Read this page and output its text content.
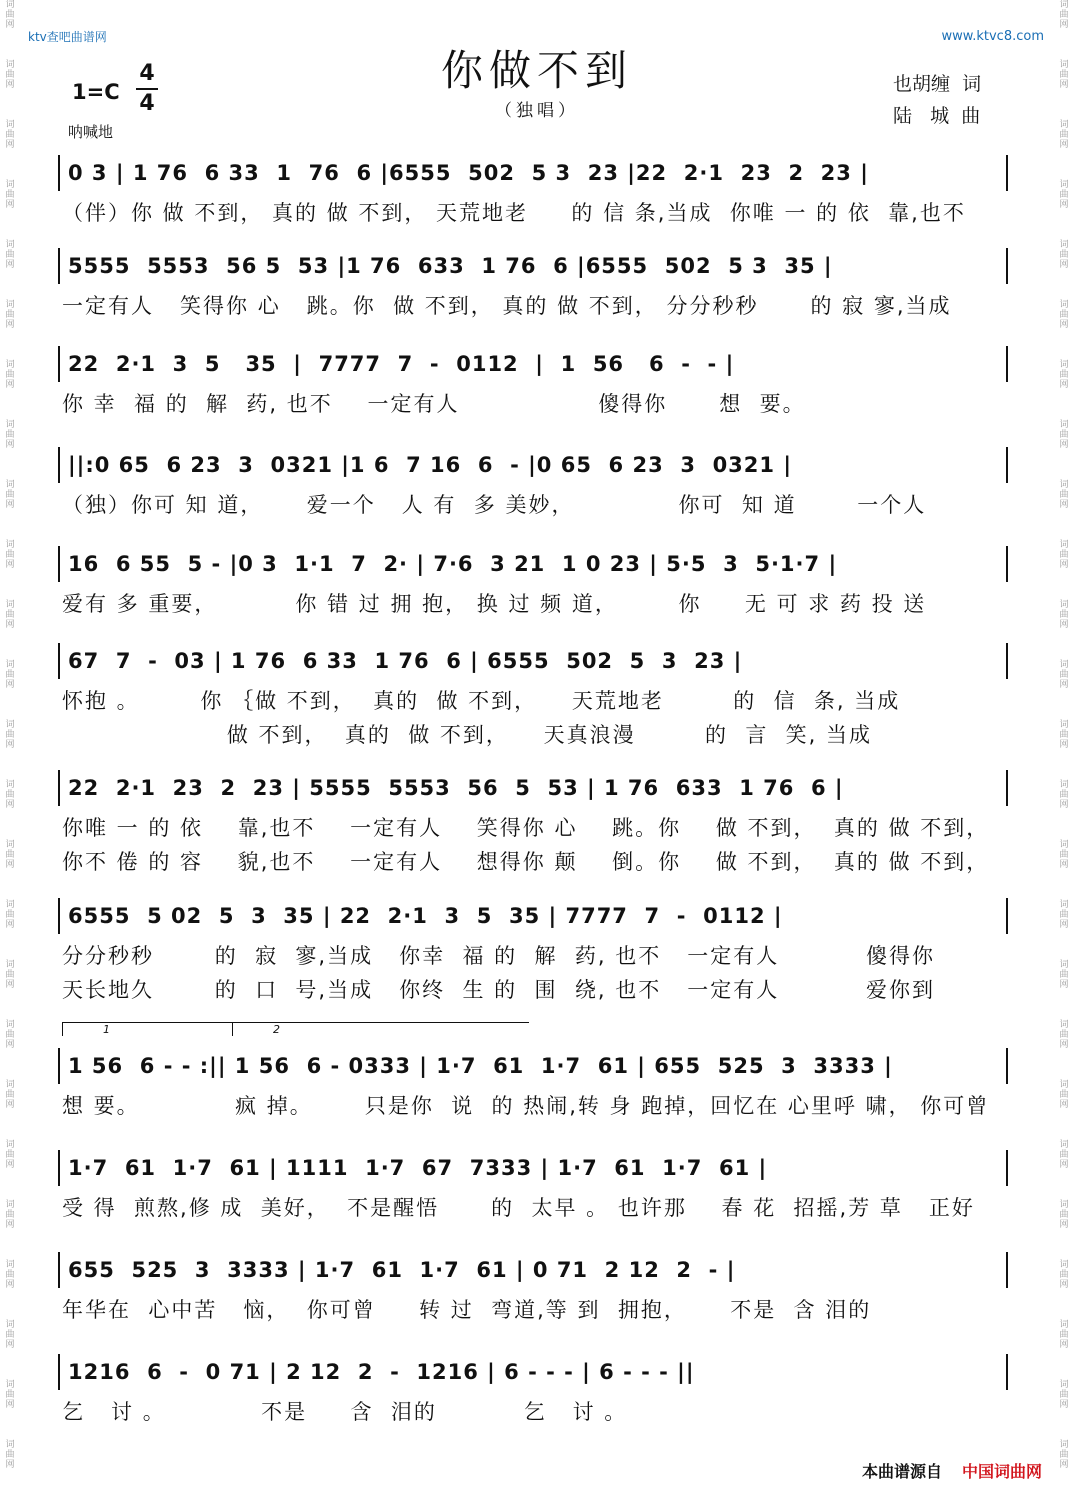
词
曲
网
词
曲
网
词
曲
网
词
曲
网
词
曲
网
词
曲
网
词
曲
网
词
曲
网
词
曲
网
词
曲
网
词
曲
网
词
曲
网
词
曲
网
词
曲
网
词
曲
网
词
曲
网
词
曲
网
词
曲
网
词
曲
网
词
曲
网
词
曲
网
词
曲
网
词
曲
网
词
曲
网
词
曲
网
词
曲
网
词
曲
网
词
曲
网
词
曲
网
词
曲
网
词
曲
网
词
曲
网
词
曲
网
词
曲
网
词
曲
网
词
曲
网
词
曲
网
词
曲
网
词
曲
网
词
曲
网
词
曲
网
词
曲
网
词
曲
网
词
曲
网
词
曲
网
词
曲
网
词
曲
网
词
曲
网
词
曲
网
词
曲
网
ktv查吧曲谱网	www.ktvc8.com
你做不到
（独唱）
1=C
4
4
呐喊地
也胡缠  词
陆   城  曲
0 3 | 1 76  6 33  1  76  6 |6555  502  5 3  23 |22  2·1  23  2  23 |
（伴）你 做 不到， 真的 做 不到， 天荒地老     的 信 条,当成  你唯 一 的 依  靠,也不
5555  5553  56 5  53 |1 76  633  1 76  6 |6555  502  5 3  35 |
一定有人   笑得你 心   跳。你  做 不到， 真的 做 不到， 分分秒秒      的 寂 寥,当成
22  2·1  3  5   35  |  7777  7  -  0112  |  1  56   6  -  - |
你 幸  福 的  解  药, 也不    一定有人                傻得你      想  要。
||:0 65  6 23  3  0321 |1 6  7 16  6  - |0 65  6 23  3  0321 |
（独）你可 知 道，     爱一个   人 有  多 美妙，            你可  知 道       一个人
16  6 55  5 - |0 3  1·1  7  2· | 7·6  3 21  1 0 23 | 5·5  3  5·1·7 |
爱有 多 重要，         你 错 过 拥 抱， 换 过 频 道，       你     无 可 求 药 投 送
67  7  -  03 | 1 76  6 33  1 76  6 | 6555  502  5  3  23 |
怀抱 。       你 ｛做 不到，  真的  做 不到，    天荒地老        的  信  条, 当成
做 不到，  真的  做 不到，    天真浪漫        的  言  笑, 当成
22  2·1  23  2  23 | 5555  5553  56  5  53 | 1 76  633  1 76  6 |
你唯 一 的 依    靠,也不    一定有人    笑得你 心    跳。你    做 不到，  真的 做 不到，
你不 倦 的 容    貌,也不    一定有人    想得你 颠    倒。你    做 不到，  真的 做 不到，
6555  5 02  5  3  35 | 22  2·1  3  5  35 | 7777  7  -  0112 |
分分秒秒       的  寂  寥,当成   你幸  福 的  解  药, 也不   一定有人          傻得你
天长地久       的  口  号,当成   你终  生 的  围  绕, 也不   一定有人          爱你到
1 56  6 - - :|| 1 56  6 - 0333 | 1·7  61  1·7  61 | 655  525  3  3333 |
想 要。           疯 掉。      只是你  说  的 热闹,转 身 跑掉，回忆在 心里呼 啸， 你可曾
1·7  61  1·7  61 | 1111  1·7  67  7333 | 1·7  61  1·7  61 |
受 得  煎熬,修 成  美好，  不是醒悟      的  太早 。 也许那    春 花  招摇,芳 草   正好
655  525  3  3333 | 1·7  61  1·7  61 | 0 71  2 12  2  - |
年华在  心中苦   恼，  你可曾     转 过  弯道,等 到  拥抱，     不是  含 泪的
1216  6  -  0 71 | 2 12  2  -  1216 | 6 - - - | 6 - - - ||
乞   讨 。           不是     含  泪的          乞   讨 。
1	2
本曲谱源自 中国词曲网
